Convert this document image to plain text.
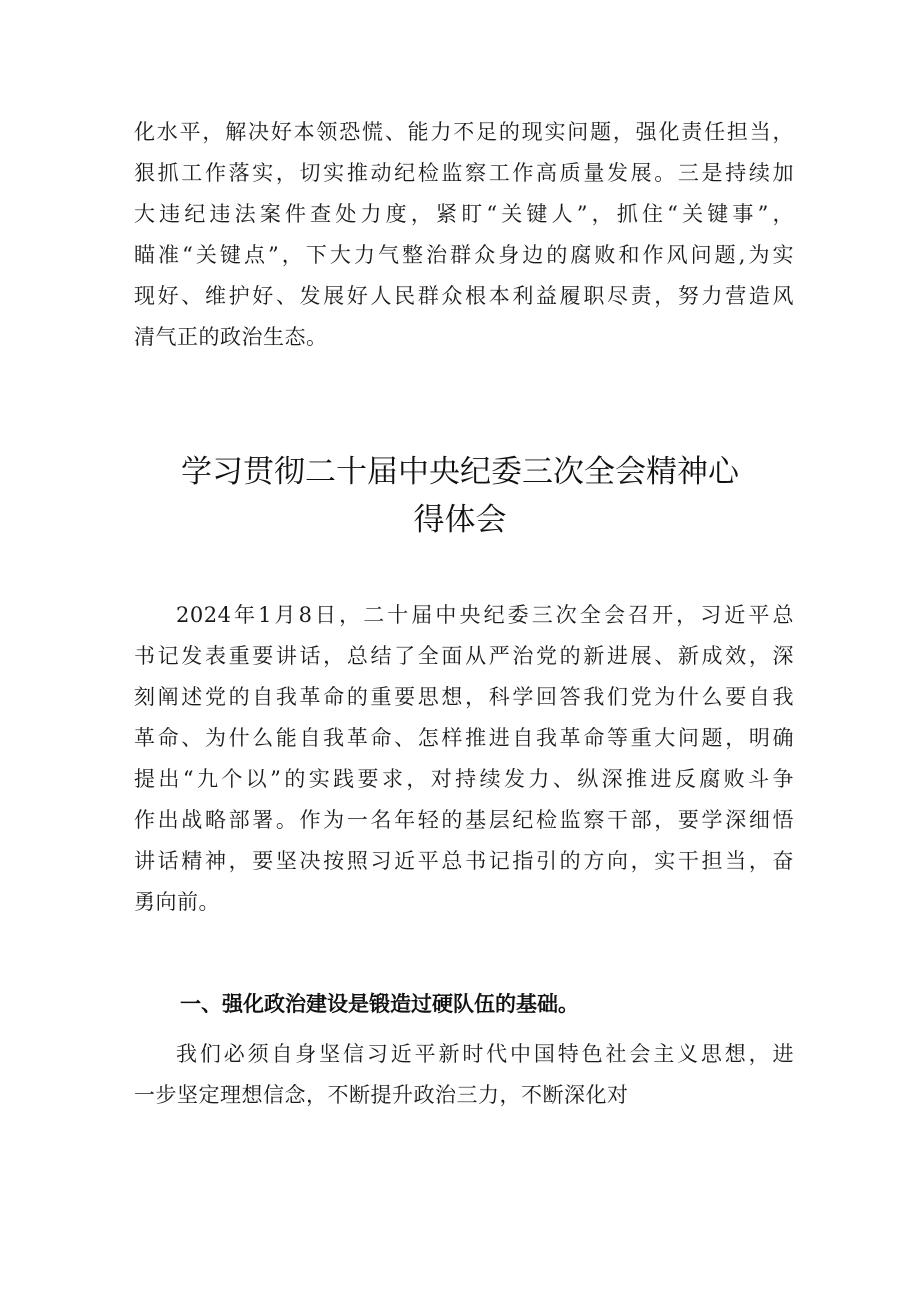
化水平，解决好本领恐慌、能力不足的现实问题，强化责任担当，
狠抓工作落实，切实推动纪检监察工作高质量发展。三是持续加
大违纪违法案件查处力度，紧盯“关键人”，抓住“关键事”，
瞄准“关键点”，下大力气整治群众身边的腐败和作风问题,为实
现好、维护好、发展好人民群众根本利益履职尽责，努力营造风
清气正的政治生态。
学习贯彻二十届中央纪委三次全会精神心
得体会
2024年1月8日，二十届中央纪委三次全会召开，习近平总
书记发表重要讲话，总结了全面从严治党的新进展、新成效，深
刻阐述党的自我革命的重要思想，科学回答我们党为什么要自我
革命、为什么能自我革命、怎样推进自我革命等重大问题，明确
提出“九个以”的实践要求，对持续发力、纵深推进反腐败斗争
作出战略部署。作为一名年轻的基层纪检监察干部，要学深细悟
讲话精神，要坚决按照习近平总书记指引的方向，实干担当，奋
勇向前。
一、强化政治建设是锻造过硬队伍的基础。
我们必须自身坚信习近平新时代中国特色社会主义思想，进
一步坚定理想信念，不断提升政治三力，不断深化对
